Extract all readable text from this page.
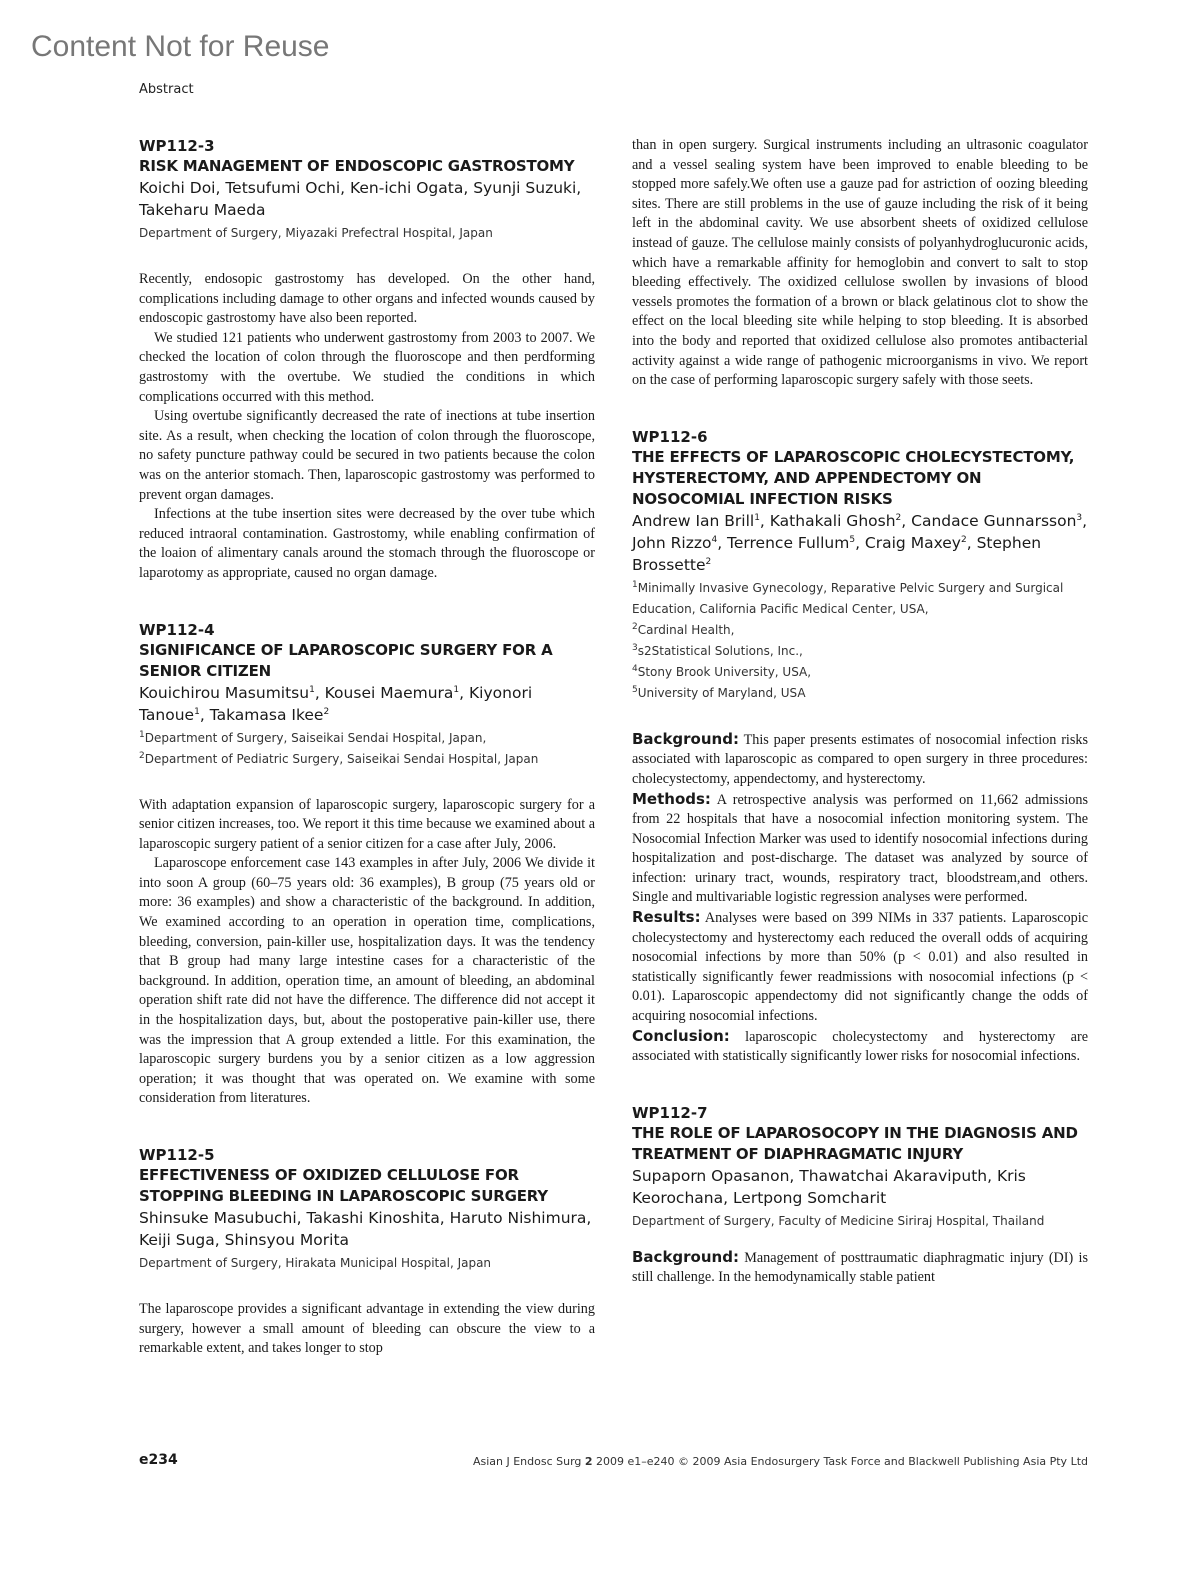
Content Not for Reuse
Abstract

WP112-3

RISK MANAGEMENT OF ENDOSCOPIC GASTROSTOMY

Koichi Doi, Tetsufumi Ochi, Ken-ichi Ogata, Syunji Suzuki, Takeharu Maeda

Department of Surgery, Miyazaki Prefectral Hospital, Japan

Recently, endosopic gastrostomy has developed. On the other hand, complications including damage to other organs and infected wounds caused by endoscopic gastrostomy have also been reported.

We studied 121 patients who underwent gastrostomy from 2003 to 2007. We checked the location of colon through the fluoroscope and then perdforming gastrostomy with the overtube. We studied the conditions in which complications occurred with this method.

Using overtube significantly decreased the rate of inections at tube insertion site. As a result, when checking the location of colon through the fluoroscope, no safety puncture pathway could be secured in two patients because the colon was on the anterior stomach. Then, laparoscopic gastrostomy was performed to prevent organ damages.

Infections at the tube insertion sites were decreased by the over tube which reduced intraoral contamination. Gastrostomy, while enabling confirmation of the loaion of alimentary canals around the stomach through the fluoroscope or laparotomy as appropriate, caused no organ damage.

WP112-4

SIGNIFICANCE OF LAPAROSCOPIC SURGERY FOR A SENIOR CITIZEN

Kouichirou Masumitsu$^1$, Kousei Maemura$^1$, Kiyonori Tanoue$^1$, Takamasa Ikee$^2$

$^1$Department of Surgery, Saiseikai Sendai Hospital, Japan,
$^2$Department of Pediatric Surgery, Saiseikai Sendai Hospital, Japan

With adaptation expansion of laparoscopic surgery, laparoscopic surgery for a senior citizen increases, too. We report it this time because we examined about a laparoscopic surgery patient of a senior citizen for a case after July, 2006.

Laparoscope enforcement case 143 examples in after July, 2006 We divide it into soon A group (60–75 years old: 36 examples), B group (75 years old or more: 36 examples) and show a characteristic of the background. In addition, We examined according to an operation in operation time, complications, bleeding, conversion, pain-killer use, hospitalization days. It was the tendency that B group had many large intestine cases for a characteristic of the background. In addition, operation time, an amount of bleeding, an abdominal operation shift rate did not have the difference. The difference did not accept it in the hospitalization days, but, about the postoperative pain-killer use, there was the impression that A group extended a little. For this examination, the laparoscopic surgery burdens you by a senior citizen as a low aggression operation; it was thought that was operated on. We examine with some consideration from literatures.

WP112-5

EFFECTIVENESS OF OXIDIZED CELLULOSE FOR STOPPING BLEEDING IN LAPAROSCOPIC SURGERY

Shinsuke Masubuchi, Takashi Kinoshita, Haruto Nishimura, Keiji Suga, Shinsyou Morita

Department of Surgery, Hirakata Municipal Hospital, Japan

The laparoscope provides a significant advantage in extending the view during surgery, however a small amount of bleeding can obscure the view to a remarkable extent, and takes longer to stop

than in open surgery. Surgical instruments including an ultrasonic coagulator and a vessel sealing system have been improved to enable bleeding to be stopped more safely.We often use a gauze pad for astriction of oozing bleeding sites. There are still problems in the use of gauze including the risk of it being left in the abdominal cavity. We use absorbent sheets of oxidized cellulose instead of gauze. The cellulose mainly consists of polyanhydroglucuronic acids, which have a remarkable affinity for hemoglobin and convert to salt to stop bleeding effectively. The oxidized cellulose swollen by invasions of blood vessels promotes the formation of a brown or black gelatinous clot to show the effect on the local bleeding site while helping to stop bleeding. It is absorbed into the body and reported that oxidized cellulose also promotes antibacterial activity against a wide range of pathogenic microorganisms in vivo. We report on the case of performing laparoscopic surgery safely with those seets.

WP112-6

THE EFFECTS OF LAPAROSCOPIC CHOLECYSTECTOMY, HYSTERECTOMY, AND APPENDECTOMY ON NOSOCOMIAL INFECTION RISKS

Andrew Ian Brill$^1$, Kathakali Ghosh$^2$, Candace Gunnarsson$^3$, John Rizzo$^4$, Terrence Fullum$^5$, Craig Maxey$^2$, Stephen Brossette$^2$

$^1$Minimally Invasive Gynecology, Reparative Pelvic Surgery and Surgical Education, California Pacific Medical Center, USA,
$^2$Cardinal Health,
$^3$s2Statistical Solutions, Inc.,
$^4$Stony Brook University, USA,
$^5$University of Maryland, USA

Background: This paper presents estimates of nosocomial infection risks associated with laparoscopic as compared to open surgery in three procedures: cholecystectomy, appendectomy, and hysterectomy.

Methods: A retrospective analysis was performed on 11,662 admissions from 22 hospitals that have a nosocomial infection monitoring system. The Nosocomial Infection Marker was used to identify nosocomial infections during hospitalization and post-discharge. The dataset was analyzed by source of infection: urinary tract, wounds, respiratory tract, bloodstream,and others. Single and multivariable logistic regression analyses were performed.

Results: Analyses were based on 399 NIMs in 337 patients. Laparoscopic cholecystectomy and hysterectomy each reduced the overall odds of acquiring nosocomial infections by more than 50% (p < 0.01) and also resulted in statistically significantly fewer readmissions with nosocomial infections (p < 0.01). Laparoscopic appendectomy did not significantly change the odds of acquiring nosocomial infections.

Conclusion: laparoscopic cholecystectomy and hysterectomy are associated with statistically significantly lower risks for nosocomial infections.

WP112-7

THE ROLE OF LAPAROSOCOPY IN THE DIAGNOSIS AND TREATMENT OF DIAPHRAGMATIC INJURY

Supaporn Opasanon, Thawatchai Akaraviputh, Kris Keorochana, Lertpong Somcharit

Department of Surgery, Faculty of Medicine Siriraj Hospital, Thailand

Background: Management of posttraumatic diaphragmatic injury (DI) is still challenge. In the hemodynamically stable patient

e234	Asian J Endosc Surg 2 2009 e1–e240 © 2009 Asia Endosurgery Task Force and Blackwell Publishing Asia Pty Ltd
